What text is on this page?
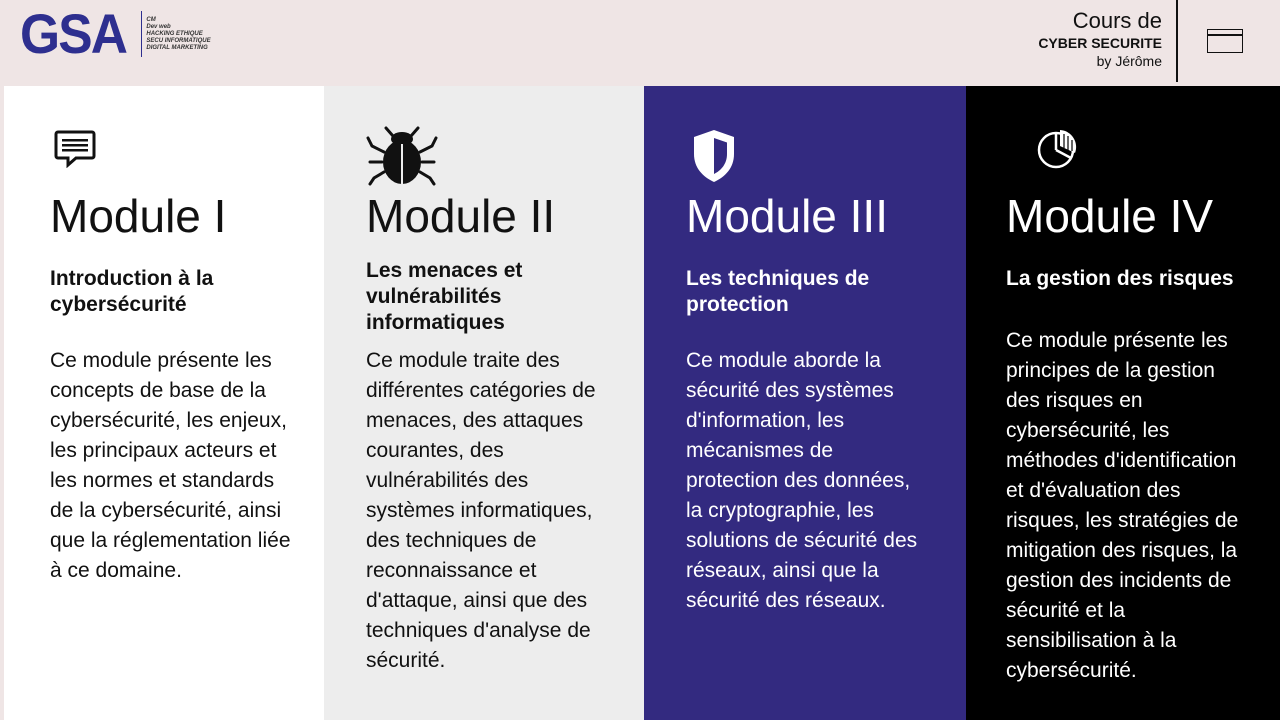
GSA	CM
Dev web
HACKING ETHIQUE
SECU INFORMATIQUE
DIGITAL MARKETING
Cours de
CYBER SECURITE
by Jérôme
Module I
Introduction à la cybersécurité
Ce module présente les concepts de base de la cybersécurité, les enjeux, les principaux acteurs et les normes et standards de la cybersécurité, ainsi que la réglementation liée à ce domaine.
Module II
Les menaces et vulnérabilités informatiques
Ce module traite des différentes catégories de menaces, des attaques courantes, des vulnérabilités des systèmes informatiques, des techniques de reconnaissance et d'attaque, ainsi que des techniques d'analyse de sécurité.
Module III
Les techniques de protection
Ce module aborde la sécurité des systèmes d'information, les mécanismes de protection des données, la cryptographie, les solutions de sécurité des réseaux, ainsi que la sécurité des réseaux.
Module IV
La gestion des risques
Ce module présente les principes de la gestion des risques en cybersécurité, les méthodes d'identification et d'évaluation des risques, les stratégies de mitigation des risques, la gestion des incidents de sécurité et la sensibilisation à la cybersécurité.
